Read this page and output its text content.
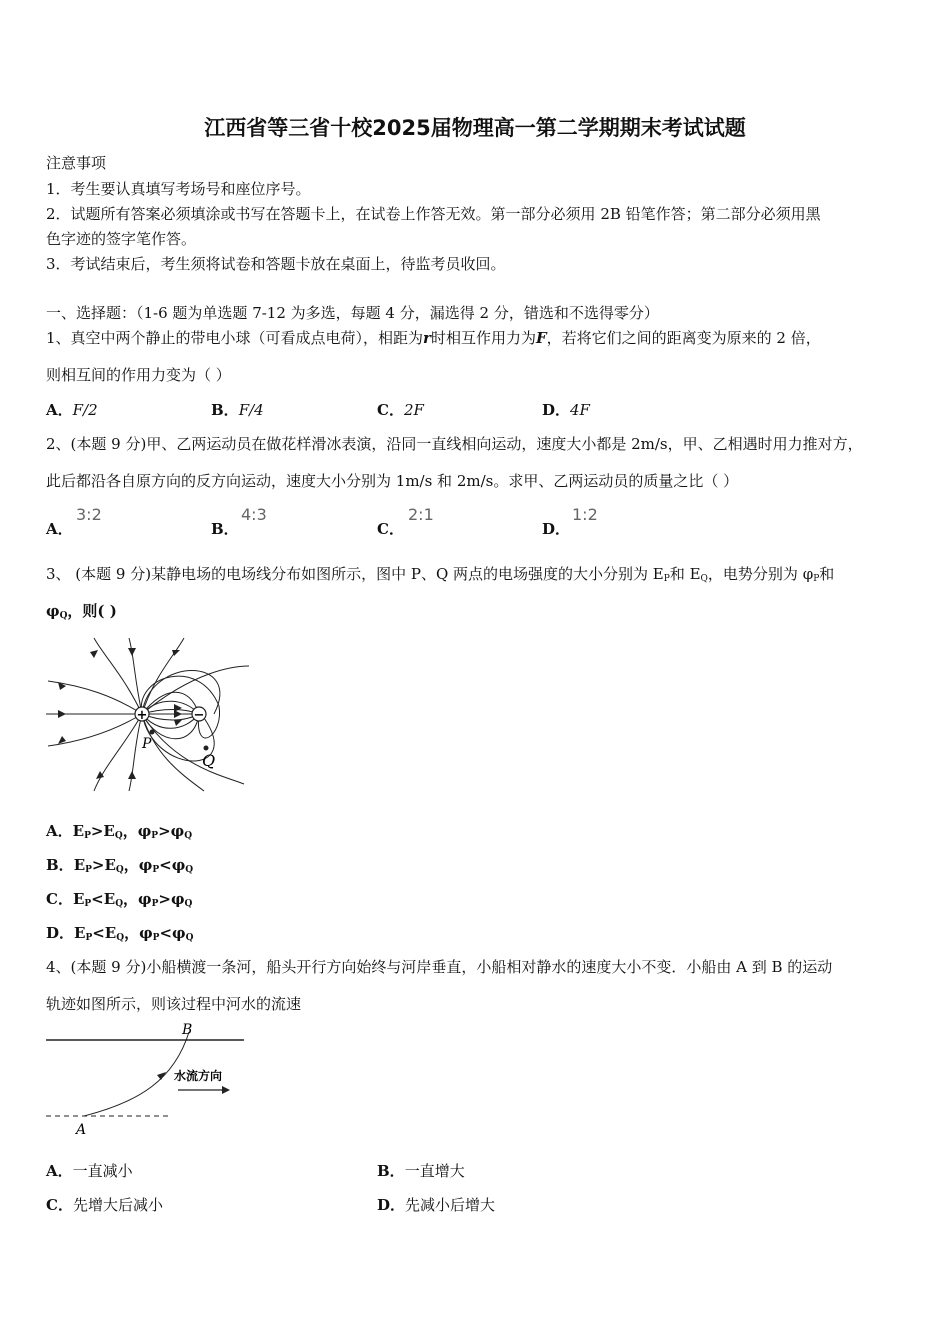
江西省等三省十校2025届物理高一第二学期期末考试试题
注意事项
1．考生要认真填写考场号和座位序号。
2．试题所有答案必须填涂或书写在答题卡上，在试卷上作答无效。第一部分必须用 2B 铅笔作答；第二部分必须用黑
色字迹的签字笔作答。
3．考试结束后，考生须将试卷和答题卡放在桌面上，待监考员收回。
一、选择题：（1-6 题为单选题 7-12 为多选，每题 4 分，漏选得 2 分，错选和不选得零分）
1、真空中两个静止的带电小球（可看成点电荷），相距为r时相互作用力为F，若将它们之间的距离变为原来的 2 倍，
则相互间的作用力变为（ ）
A．F/2	B．F/4	C．2F	D．4F
2、(本题 9 分)甲、乙两运动员在做花样滑冰表演，沿同一直线相向运动，速度大小都是 2m/s，甲、乙相遇时用力推对方，
此后都沿各自原方向的反方向运动，速度大小分别为 1m/s 和 2m/s。求甲、乙两运动员的质量之比（ ）
A．
3:2
B．
4:3
C．
2:1
D．
1:2
3、 (本题 9 分)某静电场的电场线分布如图所示，图中 P、Q 两点的电场强度的大小分别为 $E_P$和 $E_Q$，电势分别为 $\varphi_P$和
$\varphi_Q$，则( )
+	−
P
Q
A．$E_P>E_Q$，$\varphi_P>\varphi_Q$
B．$E_P>E_Q$，$\varphi_P<\varphi_Q$
C．$E_P<E_Q$，$\varphi_P>\varphi_Q$
D．$E_P<E_Q$，$\varphi_P<\varphi_Q$
4、(本题 9 分)小船横渡一条河，船头开行方向始终与河岸垂直，小船相对静水的速度大小不变．小船由 A 到 B 的运动
轨迹如图所示，则该过程中河水的流速
B
A
水流方向
A．一直减小	B．一直增大
C．先增大后减小	D．先减小后增大
